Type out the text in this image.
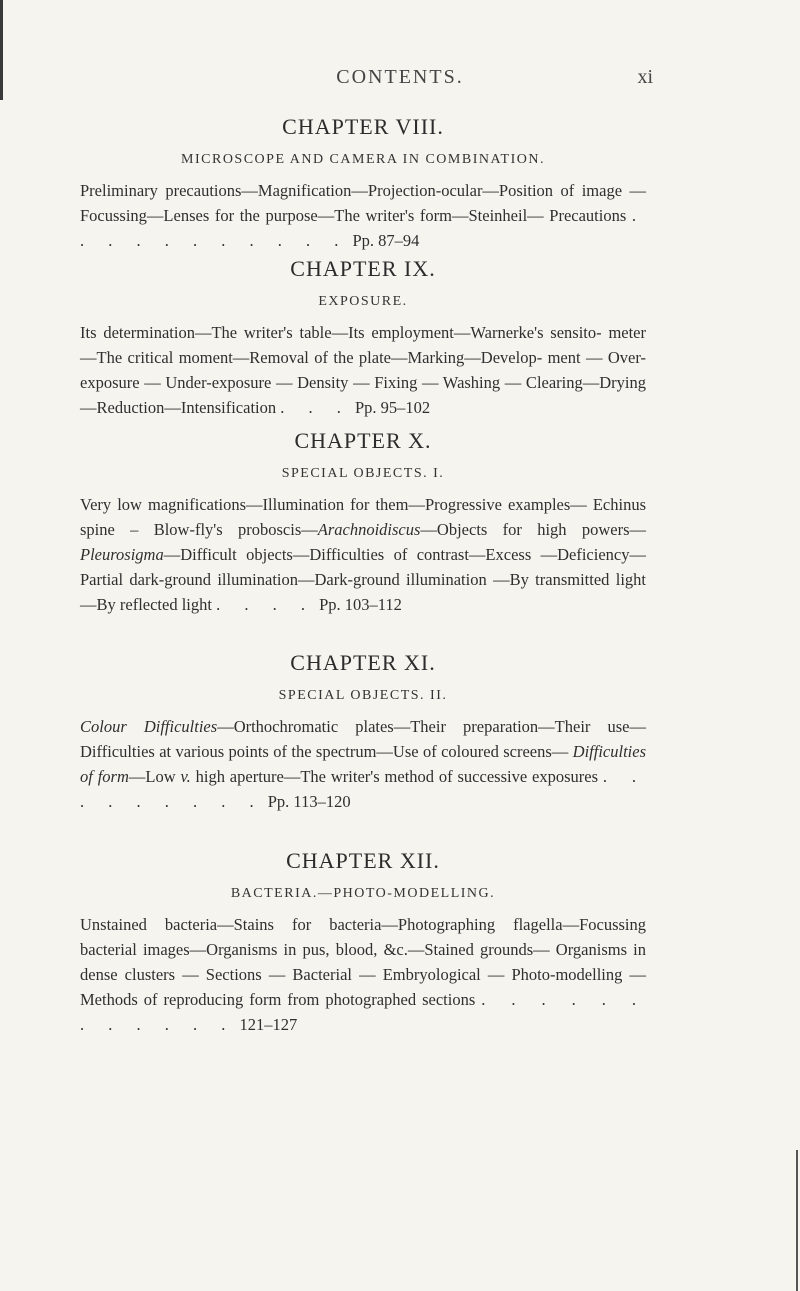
CONTENTS.	xi
CHAPTER VIII.
MICROSCOPE AND CAMERA IN COMBINATION.
Preliminary precautions—Magnification—Projection-ocular—Position of image —Focussing—Lenses for the purpose—The writer's form—Steinheil— Precautions . . . . . . . . . . . Pp. 87–94
CHAPTER IX.
EXPOSURE.
Its determination—The writer's table—Its employment—Warnerke's sensito- meter—The critical moment—Removal of the plate—Marking—Develop- ment — Over-exposure — Under-exposure — Density — Fixing — Washing — Clearing—Drying—Reduction—Intensification . . . Pp. 95–102
CHAPTER X.
SPECIAL OBJECTS. I.
Very low magnifications—Illumination for them—Progressive examples— Echinus spine – Blow-fly's proboscis—Arachnoidiscus—Objects for high powers—Pleurosigma—Difficult objects—Difficulties of contrast—Excess —Deficiency—Partial dark-ground illumination—Dark-ground illumination —By transmitted light—By reflected light . . . . Pp. 103–112
CHAPTER XI.
SPECIAL OBJECTS. II.
Colour Difficulties—Orthochromatic plates—Their preparation—Their use— Difficulties at various points of the spectrum—Use of coloured screens— Difficulties of form—Low v. high aperture—The writer's method of successive exposures . . . . . . . . . Pp. 113–120
CHAPTER XII.
BACTERIA.—PHOTO-MODELLING.
Unstained bacteria—Stains for bacteria—Photographing flagella—Focussing bacterial images—Organisms in pus, blood, &c.—Stained grounds— Organisms in dense clusters — Sections — Bacterial — Embryological — Photo-modelling — Methods of reproducing form from photographed sections . . . . . . . . . . . . 121–127
